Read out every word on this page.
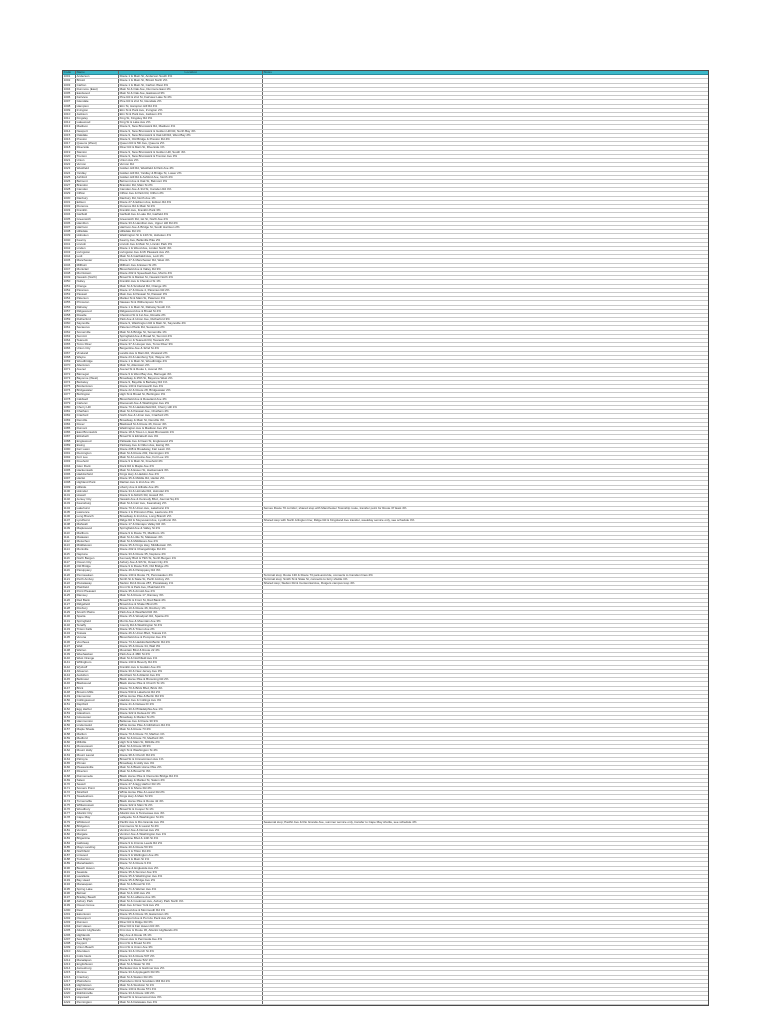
Code	Name	Location	Notes
1001	Anderson	Route 1 & Main St, Anderson South 4%
1002	Bristol	Route 1 & Main St, Bristol North 2%
1003	Carlton	Route 1 & Main St, Carlton West 4%
1004	Dunmore (East)	Main St & Oak Ave, Dunmore East 1%
1005	Eastwood	Main St & Oak Ave, Eastwood 3%
1006	Fairview	Pine Rd & 2nd St, Fairview Lake St 4%
1007	Glendale	Pine Rd & 2nd St, Glendale 2%
1008	Hampton	Elm St, Hampton Hill Rd 4%
1009	Irvington	Elm St & Park Ave, Irvington 2%
1010	Jackson	Elm St & Park Ave, Jackson 4%
1011	Kingsley	King St, Kingsley Rd 3%
1012	Lakewood	King St & Lake Ave 2%
1013	Madison	Route 9, New Brunswick Rd, Madison 4%
1014	Newport	Route 9, New Brunswick & Golden Hill Rd, North Bay 4%
1015	Oakdale	Route 9, New Brunswick & Oak Hill Rd, West Bay 2%
1016	Preston	Route 9, Old Bridge & Preston Rd 4%
1017	Queens (West)	Queen Rd & 5th Ave, Queens 2%
1018	Riverside	River Rd & Main St, Riverside 1%
1019	Stanton	Route 9, New Brunswick & Golden Hill, South 4%
1020	Trenton	Route 9, New Brunswick & Trenton Ave 3%
1021	Union	Union Ave 2%
1022	Vernon	Vernon Rd
1023	Westfield	Golden Hill Rd, Westfield & Park Ave 4%
1024	Yardley	Golden Hill Rd, Yardley & Bridge St, Lower 2%
1025	Ashford	Golden Hill Rd & Ashford Ave, North 4%
1026	Belmont	Belmont Ave & Oak St, Belmont 3%
1027	Brandon	Brandon Rd, Main St 2%
1028	Camden	Camden Ave & 3rd St, Camden Rd 4%
1029	Clifton	Clifton Ave & Park Rd, Clifton 2%
1030	Danbury	Danbury Rd, North Ave 1%
1031	Edison	Route 27 & Edison Ave, Edison Rd 4%
1032	Florence	Florence Rd & Main St 2%
1033	Franklin	Franklin Ave, Franklin Park 3%
1034	Garfield	Garfield Ave & Lake Rd, Garfield 4%
1035	Greenwich	Greenwich Rd, 1st St, North Ave 2%
1036	Hamilton	Route 33 & Hamilton Ave, Upper Hill Rd 4%
1037	Harrison	Harrison Ave & Bridge St, South Harrison 2%
1038	Hillsdale	Hillsdale Rd 1%
1039	Hoboken	Washington St & 14th St, Hoboken 4%
1040	Kearny	Kearny Ave, Belleville Pike 2%
1041	Lincoln	Lincoln Ave & Main St, Lincoln Park 3%
1042	Linden	Route 1 & Wood Ave, Linden North 4%
1043	Livingston	Livingston Ave & Mt Pleasant Ave 2%
1044	Lodi	Main St & Garibaldi Ave, Lodi 1%
1045	Manchester	Route 37 & Manchester Rd, West 4%
1046	Millburn	Millburn Ave & Essex St 2%
1047	Montclair	Bloomfield Ave & Valley Rd 3%
1048	Morristown	Route 202 & Speedwell Ave, Morris 4%
1049	Newark (North)	Broad St & Market St, Newark North 2%
1050	Nutley	Franklin Ave & Chestnut St 1%
1051	Orange	Main St & Scotland Rd, Orange 4%
1052	Paramus	Route 17 & Route 4, Paramus Rd 2%
1053	Passaic	Main Ave & Passaic St, Passaic 3%
1054	Paterson	Market St & Main St, Paterson 4%
1055	Princeton	Nassau St & Witherspoon St 2%
1056	Rahway	Route 1 & Main St, Rahway South 1%
1057	Ridgewood	Ridgewood Ave & Broad St 4%
1058	Roselle	Chestnut St & 1st Ave, Roselle 2%
1059	Rutherford	Park Ave & Union Ave, Rutherford 3%
1060	Sayreville	Route 9, Washington Rd & Main St, Sayreville 4%
1061	Secaucus	Paterson Plank Rd, Secaucus 2%
1062	Somerville	Main St & Bridge St, Somerville 1%
1063	Summit	Springfield Ave & Broad St, Summit 4%
1064	Teaneck	Cedar Ln & Teaneck Rd, Teaneck 2%
1065	Toms River	Route 37 & Hooper Ave, Toms River 3%
1066	Union City	Bergenline Ave & 32nd St 4%
1067	Vineland	Landis Ave & Main Rd, Vineland 2%
1068	Wayne	Route 23 & Hamburg Tpk, Wayne 1%
1069	Woodbridge	Route 1 & Main St, Woodbridge 4%
1070	Allentown	Main St, Allentown 2%
1071	Avenel	Avenel St & Route 1, Avenel 3%
1072	Barnegat	Route 9 & West Bay Ave, Barnegat 4%
1073	Bayonne (West)	Broadway & 25th St, Bayonne West 2%
1074	Berkeley	Route 9, Bayville & Berkeley Rd 1%
1075	Bordentown	Route 130 & Farnsworth Ave 4%
1076	Bridgewater	Route 22 & Route 28, Bridgewater 2%
1077	Burlington	High St & Broad St, Burlington 3%
1078	Caldwell	Bloomfield Ave & Roseland Ave 4%
1079	Carteret	Roosevelt Ave & Washington Ave 2%
1080	Cherry Hill	Route 70 & Haddonfield Rd, Cherry Hill 1%
1081	Chatham	Main St & Passaic Ave, Chatham 4%
1082	Cranford	North Ave & Union Ave, Cranford 2%
1083	Denville	Broadway & Main St, Denville 3%
1084	Dover	Blackwell St & Route 46, Dover 4%
1085	Dumont	Washington Ave & Madison Ave 2%
1086	East Brunswick	Route 18 & Tices Ln, East Brunswick 1%
1087	Elizabeth	Broad St & Elizabeth Ave 4%
1088	Englewood	Palisade Ave & Dean St, Englewood 2%
1089	Ewing	Parkway Ave & Olden Ave, Ewing 3%
1090	Fair Lawn	Route 208 & Broadway, Fair Lawn 4%
1091	Flemington	Main St & Route 202, Flemington 2%
1092	Fort Lee	Main St & Lemoine Ave, Fort Lee 1%
1093	Freehold	Route 9 & Main St, Freehold 4%
1094	Glen Rock	Rock Rd & Maple Ave 2%
1095	Hackensack	Main St & Essex St, Hackensack 3%
1096	Haddonfield	Kings Hwy & Haddon Ave 4%
1097	Hazlet	Route 35 & Middle Rd, Hazlet 2%
1098	Highland Park	Raritan Ave & 2nd Ave 1%
1099	Hillside	Liberty Ave & Hillside Ave 4%
1100	Holmdel	Route 34 & Holmdel Rd, Holmdel 2%
1101	Howell	Route 9 & Aldrich Rd, Howell 3%
1102	Jersey City	Newark Ave & Kennedy Blvd, Journal Sq 4%
1103	Keansburg	Main St & Carr Ave, Keansburg 2%
1104	Lakehurst	Route 70 & Union Ave, Lakehurst 1%	Serves Route 70 corridor; shared stop with Manchester Township route, transfer point for Route 37 East 4%
1105	Lawrence	Route 1 & Princeton Pike, Lawrence 4%
1106	Long Branch	Broadway & 2nd Ave, Long Branch 2%
1107	Lyndhurst	Ridge Rd & Stuyvesant Ave, Lyndhurst 3%	Shared stop with North Arlington line; Ridge Rd & Kingsland Ave transfer, weekday service only, see schedule 4%
1108	Mahwah	Route 17 & Ramapo Valley Rd 4%
1109	Maplewood	Springfield Ave & Valley St 2%
1110	Marlboro	Route 9 & Route 79, Marlboro 1%
1111	Matawan	Main St & Little St, Matawan 4%
1112	Metuchen	Main St & Middlesex Ave 2%
1113	Middletown	Route 35 & Kings Hwy, Middletown 3%
1114	Montville	Route 202 & Changebridge Rd 4%
1115	Neptune	Route 33 & Route 35, Neptune 2%
1116	North Bergen	Kennedy Blvd & 79th St, North Bergen 1%
1117	Ocean City	Asbury Ave & 9th St, Ocean City 4%
1118	Old Bridge	Route 9 & Route 516, Old Bridge 2%
1119	Parsippany	Route 46 & Parsippany Rd 3%
1120	Pennsauken	Route 130 & Route 73, Pennsauken 4%	Terminal stop; Route 130 & Route 73 park-and-ride, connects to Camden lines 2%
1121	Perth Amboy	Smith St & State St, Perth Amboy 2%	Terminal stop; Smith St & State St, connects to ferry shuttle 1%
1122	Piscataway	Stelton Rd & Route 287, Piscataway 1%	Shared stop; Stelton Rd & Centennial Ave, Rutgers campus loop 4%
1123	Plainfield	Front St & Park Ave, Plainfield 4%
1124	Point Pleasant	Route 35 & Arnold Ave 2%
1125	Ramsey	Main St & Route 17, Ramsey 3%
1126	Red Bank	Broad St & Front St, Red Bank 4%
1127	Ridgefield	Broad Ave & Shaler Blvd 2%
1128	Roxbury	Route 10 & Route 46, Roxbury 1%
1129	Scotch Plains	Park Ave & Westfield Rd 4%
1130	Sparta	Route 15 & Woodport Rd, Sparta 2%
1131	Springfield	Morris Ave & Mountain Ave 3%
1132	Tenafly	County Rd & Washington St 4%
1133	Tinton Falls	Route 35 & Tinton Ave 2%
1134	Totowa	Route 46 & Union Blvd, Totowa 1%
1135	Verona	Bloomfield Ave & Pompton Ave 4%
1136	Voorhees	Route 73 & Haddonfield-Berlin Rd 2%
1137	Wall	Route 35 & Route 34, Wall 3%
1138	Warren	Mountain Blvd & Route 22 4%
1139	Weehawken	Park Ave & 48th St 2%
1140	West Orange	Main St & Northfield Ave 1%
1141	Willingboro	Route 130 & Beverly Rd 4%
1142	Wyckoff	Franklin Ave & Godwin Ave 2%
1143	Absecon	Route 30 & New Jersey Ave 3%
1144	Audubon	Merchant St & Atlantic Ave 4%
1145	Bellmawr	Black Horse Pike & Browning Rd 2%
1146	Blackwood	Black Horse Pike & Church St 1%
1147	Brick	Route 70 & Brick Blvd, Brick 4%
1148	Browns Mills	Route 530 & Lakehurst Rd 2%
1149	Clementon	White Horse Pike & Berlin Rd 3%
1150	Collingswood	Haddon Ave & Collings Ave 4%
1151	Deptford	Route 41 & Delsea Dr 2%
1152	Egg Harbor	Route 30 & Philadelphia Ave 1%
1153	Glassboro	Route 322 & Delsea Dr 4%
1154	Gloucester	Broadway & Market St 2%
1155	Hammonton	Bellevue Ave & Route 30 3%
1156	Lindenwold	White Horse Pike & Gibbsboro Rd 4%
1157	Maple Shade	Main St & Route 73 2%
1158	Marlton	Route 70 & Route 73, Marlton 1%
1159	Medford	Main St & Route 70, Medford 4%
1160	Millville	High St & Main St, Millville 2%
1161	Moorestown	Main St & Route 38 3%
1162	Mount Holly	High St & Washington St 4%
1163	Mount Laurel	Route 38 & Church Rd 2%
1164	Palmyra	Broad St & Cinnaminson Ave 1%
1165	Pitman	Broadway & Holly Ave 4%
1166	Pleasantville	Main St & Black Horse Pike 2%
1167	Riverton	Main St & Broad St 3%
1168	Runnemede	Black Horse Pike & Clements Bridge Rd 4%
1169	Salem	Broadway & Market St, Salem 2%
1170	Sewell	Route 47 & Egg Harbor Rd 1%
1171	Somers Point	Route 9 & Shore Rd 4%
1172	Stratford	White Horse Pike & Laurel Rd 2%
1173	Swedesboro	Kings Hwy & Main St 3%
1174	Turnersville	Black Horse Pike & Route 42 4%
1175	Williamstown	Route 322 & Main St 2%
1176	Woodbury	Broad St & Cooper St 1%
1177	Atlantic City	Atlantic Ave & Tennessee Ave 4%
1178	Cape May	Lafayette St & Washington St 2%
1179	Wildwood	Pacific Ave & Rio Grande Ave 3%	Seasonal stop; Pacific Ave & Rio Grande Ave, summer service only, transfer to Cape May shuttle, see schedule 4%
1180	Bridgeton	Commerce St & Laurel St 4%
1181	Ventnor	Ventnor Ave & Dorset Ave 2%
1182	Margate	Ventnor Ave & Washington Ave 1%
1183	Brigantine	Brigantine Blvd & 14th St 4%
1184	Galloway	Route 9 & Jimmie Leeds Rd 2%
1185	Mays Landing	Route 40 & Route 50 3%
1186	Northfield	Route 9 & Tilton Rd 4%
1187	Linwood	Route 9 & Wellington Ave 2%
1188	Tuckerton	Route 9 & Main St 1%
1189	Manahawkin	Route 72 & Route 9 4%
1190	Beach Haven	Bay Ave & Engleside Ave 2%
1191	Seaside	Route 35 & Sumner Ave 3%
1192	Lavallette	Route 35 & Washington Ave 4%
1193	Bay Head	Route 35 & Bridge Ave 2%
1194	Manasquan	Main St & Broad St 1%
1195	Spring Lake	Route 71 & Warren Ave 4%
1196	Belmar	Main St & 10th Ave 2%
1197	Bradley Beach	Main St & LaReine Ave 3%
1198	Asbury Park	Main St & Cookman Ave, Asbury Park North 4%
1199	Ocean Grove	Main Ave & New York Ave 2%
1200	Deal	Norwood Ave & Monmouth Rd 1%
1201	Eatontown	Route 35 & Route 36, Eatontown 4%
1202	Oceanport	Oceanport Ave & Port Au Peck Ave 2%
1203	Rumson	River Rd & Ridge Rd 3%
1204	Fair Haven	River Rd & Fair Haven Rd 4%
1205	Atlantic Highlands	First Ave & Route 36, Atlantic Highlands 2%
1206	Highlands	Bay Ave & Route 36 1%
1207	Sea Bright	Ocean Ave & Peninsula Ave 4%
1208	Keyport	Front St & Broad St 2%
1209	Union Beach	Front St & Union Ave 3%
1210	Aberdeen	Route 34 & Church St 4%
1211	Colts Neck	Route 34 & Route 537 2%
1212	Manalapan	Route 9 & Route 522 1%
1213	Englishtown	Main St & Water St 4%
1214	Jamesburg	Buckelew Ave & Gatzmer Ave 2%
1215	Monroe	Route 33 & Applegarth Rd 3%
1216	Cranbury	Main St & Station Rd 4%
1217	Plainsboro	Plainsboro Rd & Scudders Mill Rd 2%
1218	Hightstown	Main St & Stockton St 1%
1219	East Windsor	Route 130 & Route 571 4%
1220	Robbinsville	Route 33 & Route 130 2%
1221	Hopewell	Broad St & Greenwood Ave 3%
1222	Pennington	Main St & Delaware Ave 4%
